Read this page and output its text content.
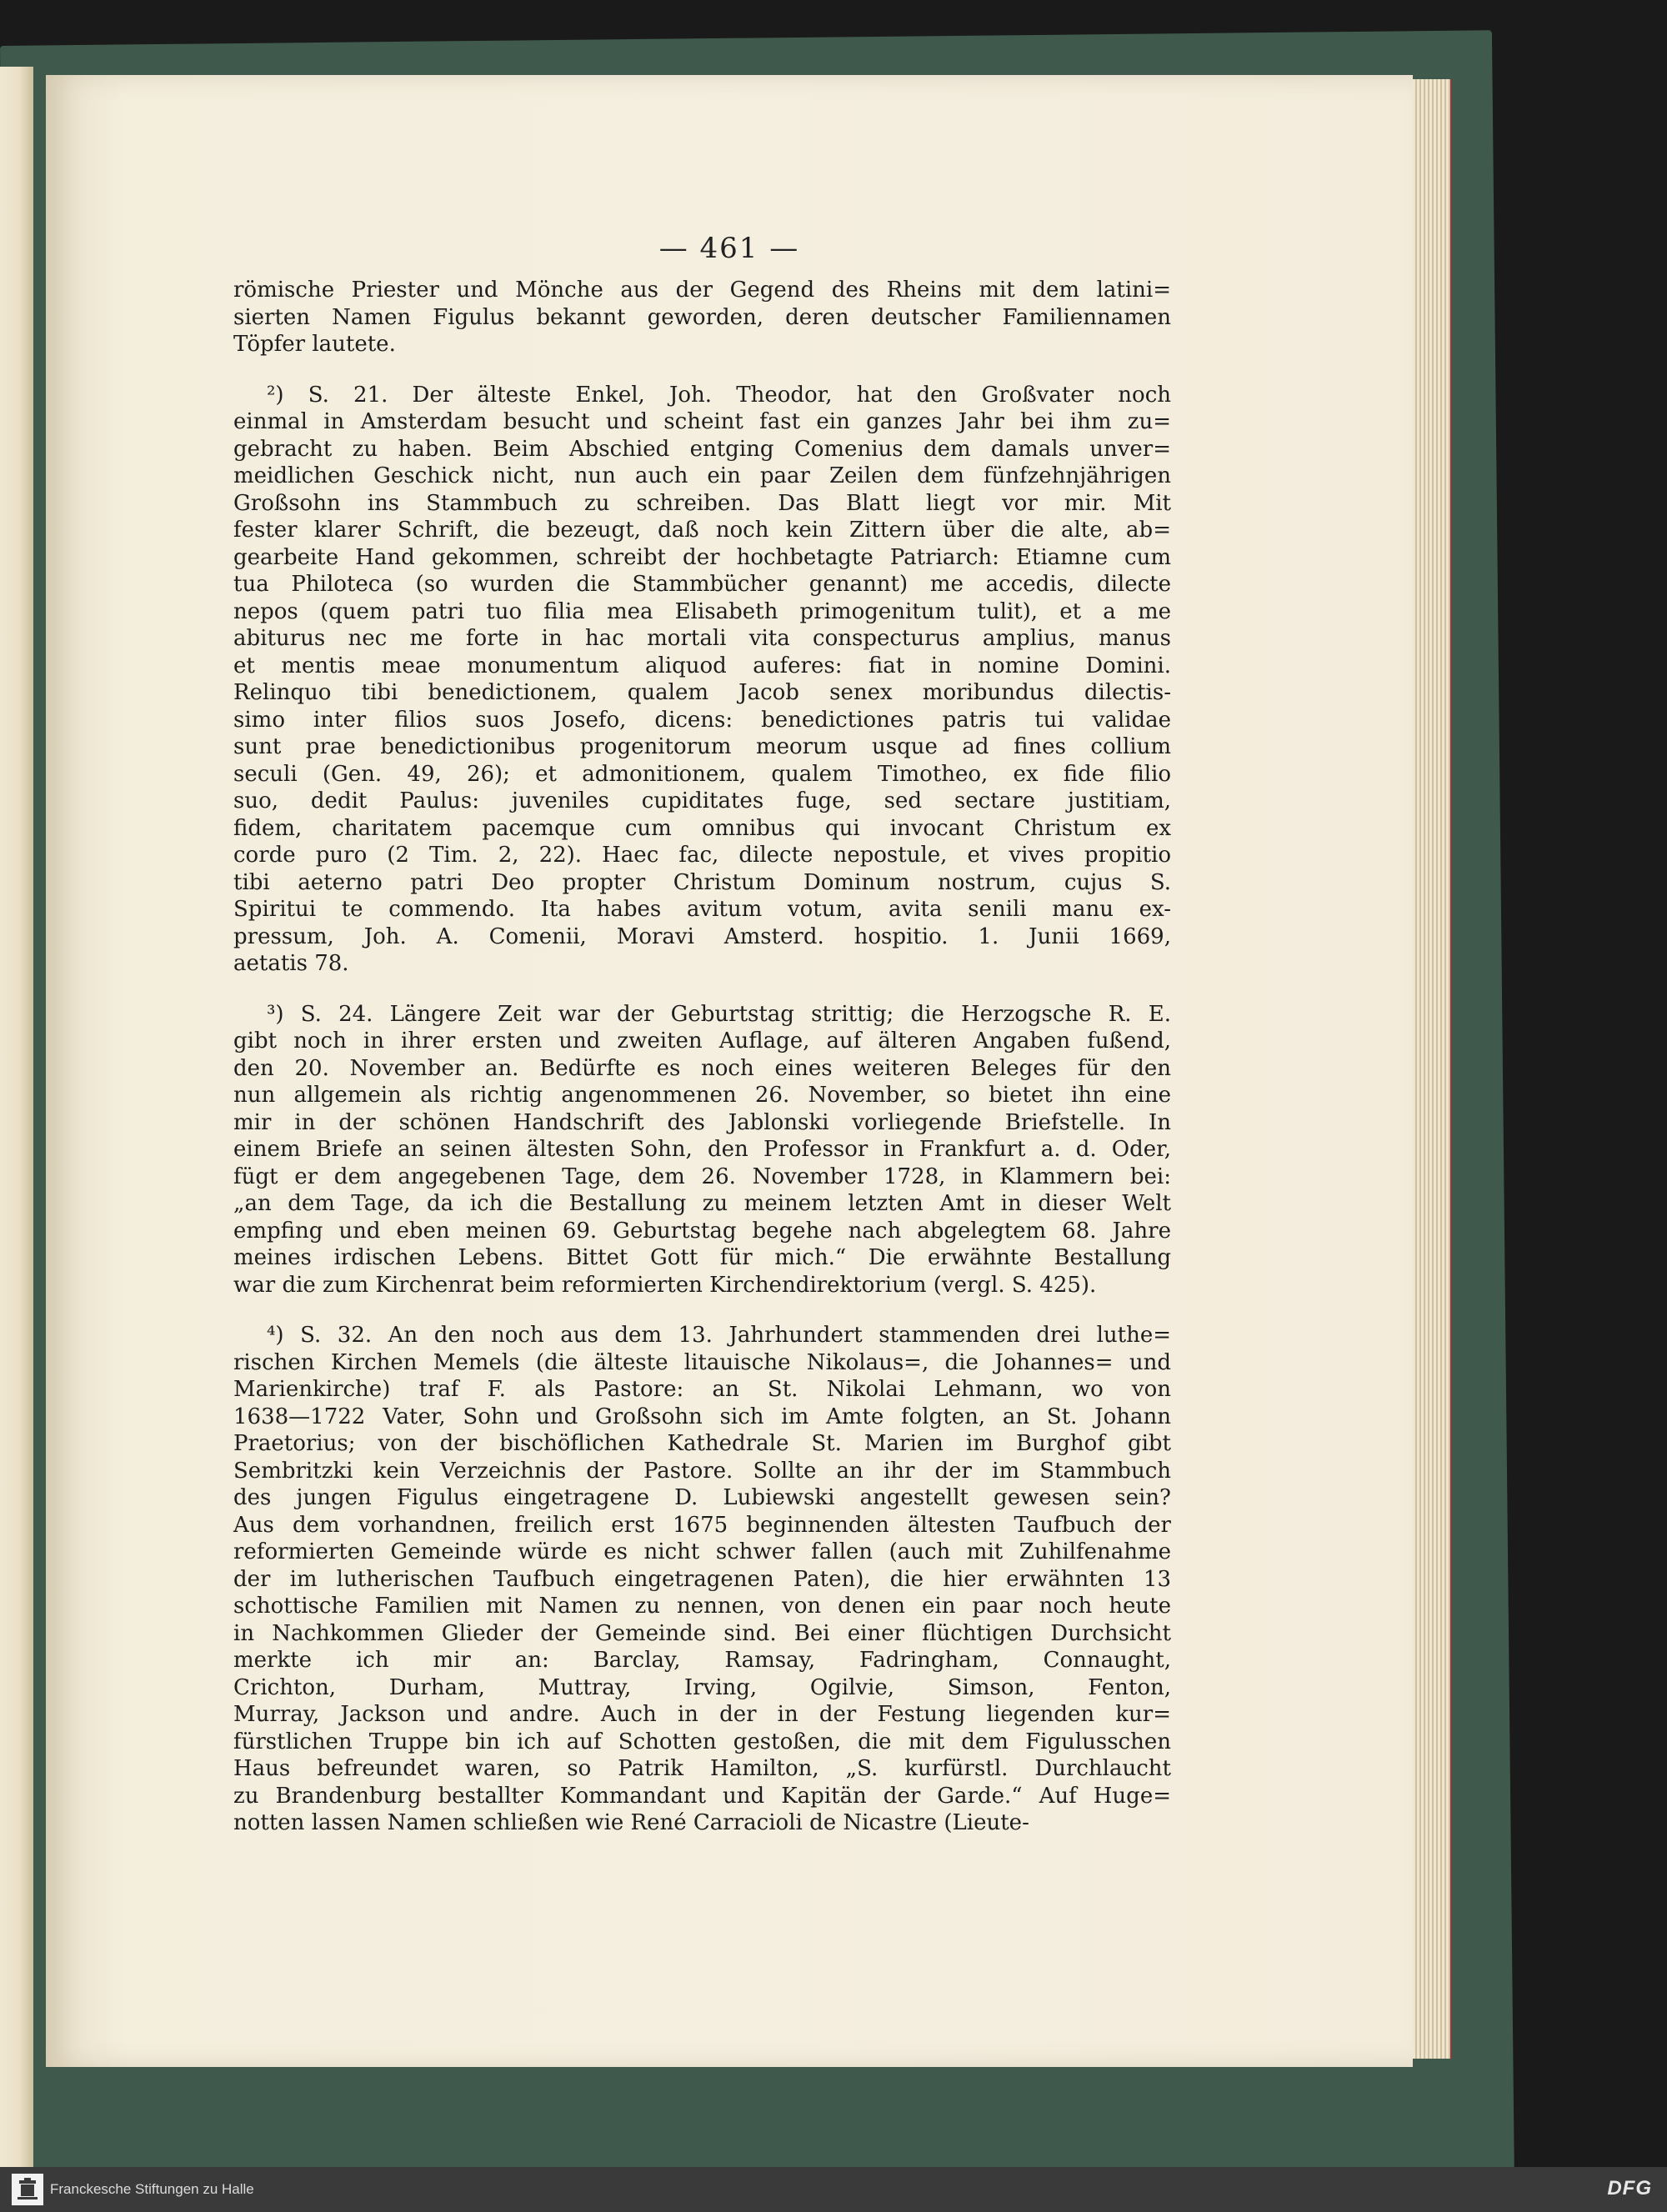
— 461 —
römische Priester und Mönche aus der Gegend des Rheins mit dem latini=
sierten Namen Figulus bekannt geworden, deren deutscher Familiennamen
Töpfer lautete.
²) S. 21. Der älteste Enkel, Joh. Theodor, hat den Großvater noch
einmal in Amsterdam besucht und scheint fast ein ganzes Jahr bei ihm zu=
gebracht zu haben. Beim Abschied entging Comenius dem damals unver=
meidlichen Geschick nicht, nun auch ein paar Zeilen dem fünfzehnjährigen
Großsohn ins Stammbuch zu schreiben. Das Blatt liegt vor mir. Mit
fester klarer Schrift, die bezeugt, daß noch kein Zittern über die alte, ab=
gearbeite Hand gekommen, schreibt der hochbetagte Patriarch: Etiamne cum
tua Philoteca (so wurden die Stammbücher genannt) me accedis, dilecte
nepos (quem patri tuo filia mea Elisabeth primogenitum tulit), et a me
abiturus nec me forte in hac mortali vita conspecturus amplius, manus
et mentis meae monumentum aliquod auferes: fiat in nomine Domini.
Relinquo tibi benedictionem, qualem Jacob senex moribundus dilectis-
simo inter filios suos Josefo, dicens: benedictiones patris tui validae
sunt prae benedictionibus progenitorum meorum usque ad fines collium
seculi (Gen. 49, 26); et admonitionem, qualem Timotheo, ex fide filio
suo, dedit Paulus: juveniles cupiditates fuge, sed sectare justitiam,
fidem, charitatem pacemque cum omnibus qui invocant Christum ex
corde puro (2 Tim. 2, 22). Haec fac, dilecte nepostule, et vives propitio
tibi aeterno patri Deo propter Christum Dominum nostrum, cujus S.
Spiritui te commendo. Ita habes avitum votum, avita senili manu ex-
pressum, Joh. A. Comenii, Moravi Amsterd. hospitio. 1. Junii 1669,
aetatis 78.
³) S. 24. Längere Zeit war der Geburtstag strittig; die Herzogsche R. E.
gibt noch in ihrer ersten und zweiten Auflage, auf älteren Angaben fußend,
den 20. November an. Bedürfte es noch eines weiteren Beleges für den
nun allgemein als richtig angenommenen 26. November, so bietet ihn eine
mir in der schönen Handschrift des Jablonski vorliegende Briefstelle. In
einem Briefe an seinen ältesten Sohn, den Professor in Frankfurt a. d. Oder,
fügt er dem angegebenen Tage, dem 26. November 1728, in Klammern bei:
„an dem Tage, da ich die Bestallung zu meinem letzten Amt in dieser Welt
empfing und eben meinen 69. Geburtstag begehe nach abgelegtem 68. Jahre
meines irdischen Lebens. Bittet Gott für mich.“ Die erwähnte Bestallung
war die zum Kirchenrat beim reformierten Kirchendirektorium (vergl. S. 425).
⁴) S. 32. An den noch aus dem 13. Jahrhundert stammenden drei luthe=
rischen Kirchen Memels (die älteste litauische Nikolaus=, die Johannes= und
Marienkirche) traf F. als Pastore: an St. Nikolai Lehmann, wo von
1638—1722 Vater, Sohn und Großsohn sich im Amte folgten, an St. Johann
Praetorius; von der bischöflichen Kathedrale St. Marien im Burghof gibt
Sembritzki kein Verzeichnis der Pastore. Sollte an ihr der im Stammbuch
des jungen Figulus eingetragene D. Lubiewski angestellt gewesen sein?
Aus dem vorhandnen, freilich erst 1675 beginnenden ältesten Taufbuch der
reformierten Gemeinde würde es nicht schwer fallen (auch mit Zuhilfenahme
der im lutherischen Taufbuch eingetragenen Paten), die hier erwähnten 13
schottische Familien mit Namen zu nennen, von denen ein paar noch heute
in Nachkommen Glieder der Gemeinde sind. Bei einer flüchtigen Durchsicht
merkte ich mir an: Barclay, Ramsay, Fadringham, Connaught,
Crichton, Durham, Muttray, Irving, Ogilvie, Simson, Fenton,
Murray, Jackson und andre. Auch in der in der Festung liegenden kur=
fürstlichen Truppe bin ich auf Schotten gestoßen, die mit dem Figulusschen
Haus befreundet waren, so Patrik Hamilton, „S. kurfürstl. Durchlaucht
zu Brandenburg bestallter Kommandant und Kapitän der Garde.“ Auf Huge=
notten lassen Namen schließen wie René Carracioli de Nicastre (Lieute-
Franckesche Stiftungen zu Halle	DFG
